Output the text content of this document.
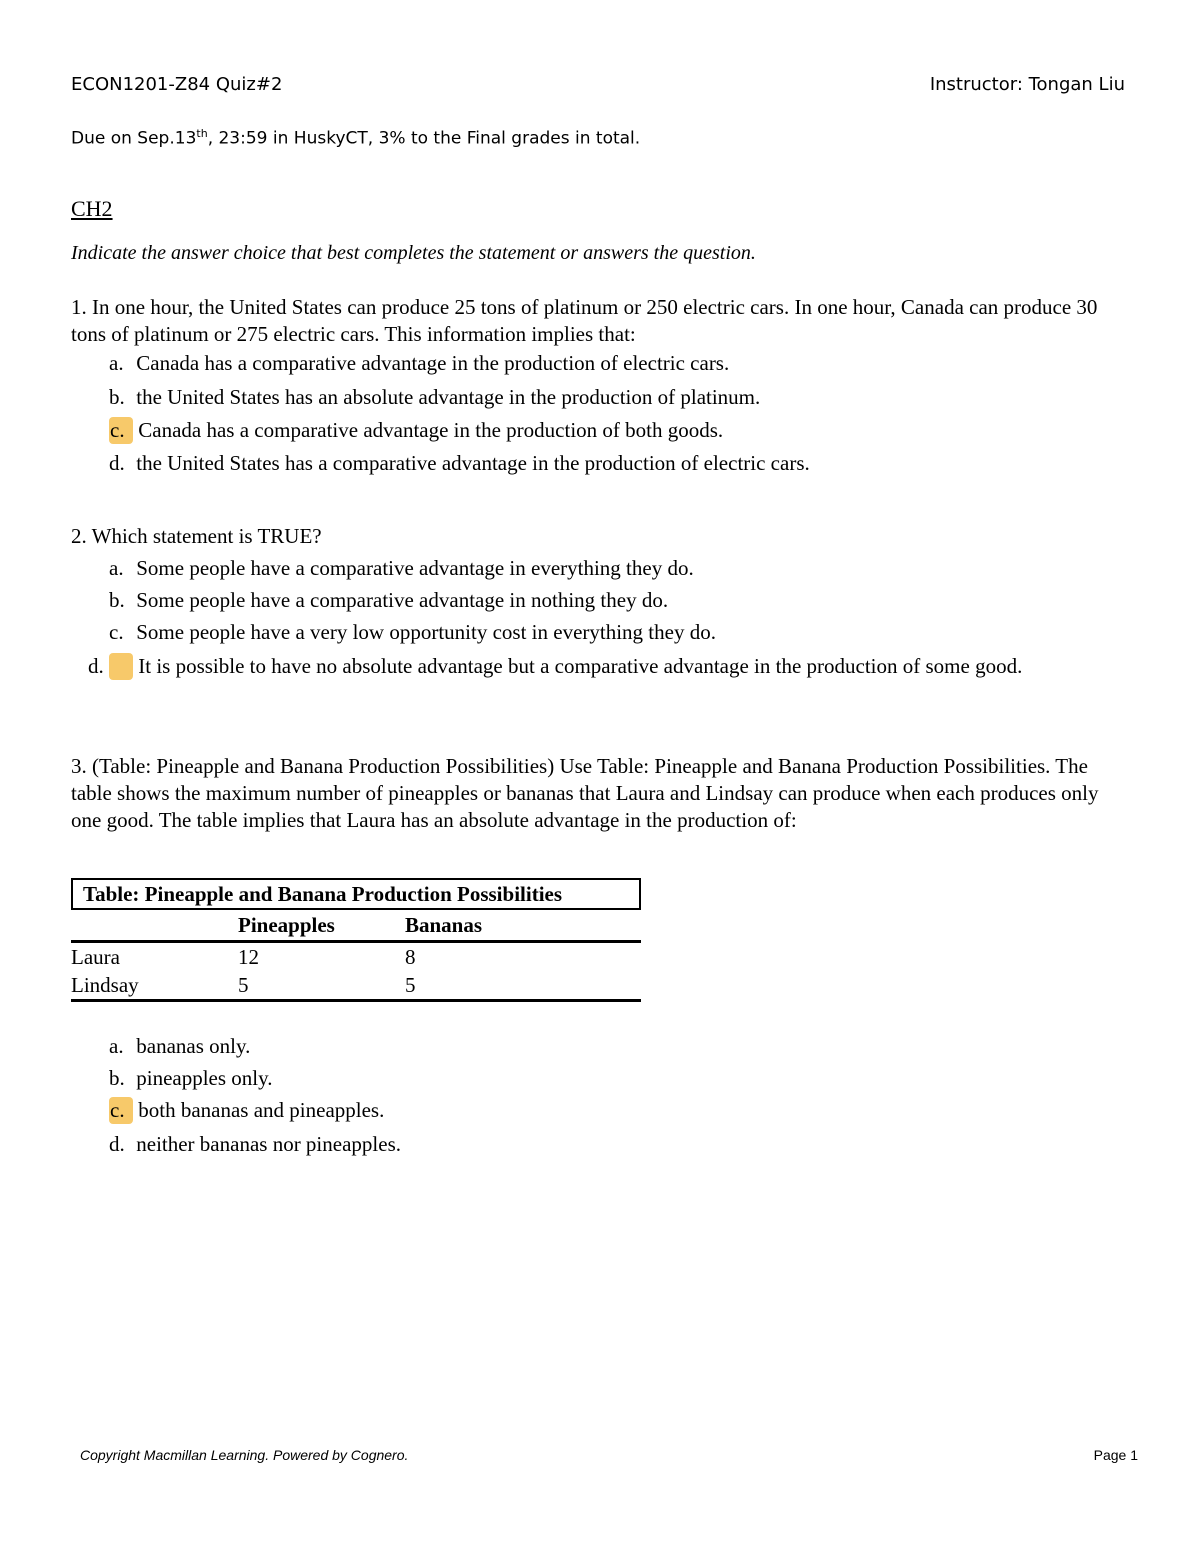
ECON1201-Z84 Quiz#2	Instructor: Tongan Liu
Due on Sep.13th, 23:59 in HuskyCT, 3% to the Final grades in total.
CH2
Indicate the answer choice that best completes the statement or answers the question.
1. In one hour, the United States can produce 25 tons of platinum or 250 electric cars. In one hour, Canada can produce 30 tons of platinum or 275 electric cars. This information implies that:
a. Canada has a comparative advantage in the production of electric cars.
b. the United States has an absolute advantage in the production of platinum.
c. Canada has a comparative advantage in the production of both goods.
d. the United States has a comparative advantage in the production of electric cars.
2. Which statement is TRUE?
a. Some people have a comparative advantage in everything they do.
b. Some people have a comparative advantage in nothing they do.
c. Some people have a very low opportunity cost in everything they do.
d. It is possible to have no absolute advantage but a comparative advantage in the production of some good.
3. (Table: Pineapple and Banana Production Possibilities) Use Table: Pineapple and Banana Production Possibilities. The table shows the maximum number of pineapples or bananas that Laura and Lindsay can produce when each produces only one good. The table implies that Laura has an absolute advantage in the production of:
Table: Pineapple and Banana Production Possibilities
Pineapples	Bananas
Laura	12	8
Lindsay	5	5
a. bananas only.
b. pineapples only.
c. both bananas and pineapples.
d. neither bananas nor pineapples.
Copyright Macmillan Learning. Powered by Cognero.	Page 1
